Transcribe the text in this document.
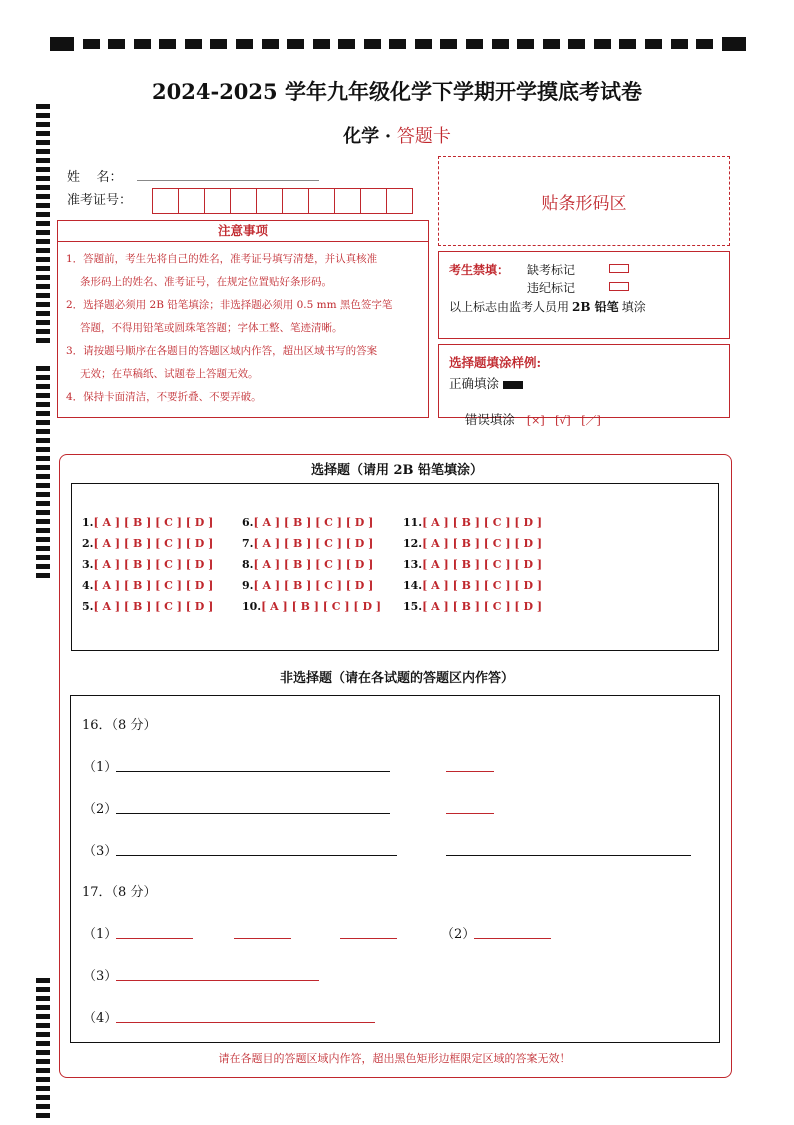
2024-2025 学年九年级化学下学期开学摸底考试卷
化学 · 答题卡
姓    名：
准考证号：	贴条形码区
注意事项
1．答题前，考生先将自己的姓名，准考证号填写清楚，并认真核准
条形码上的姓名、准考证号，在规定位置贴好条形码。
2．选择题必须用 2B 铅笔填涂；非选择题必须用 0.5 mm 黑色签字笔
答题，不得用铅笔或圆珠笔答题；字体工整、笔迹清晰。
3．请按题号顺序在各题目的答题区域内作答，超出区域书写的答案
无效；在草稿纸、试题卷上答题无效。
4．保持卡面清洁，不要折叠、不要弄破。
考生禁填： 缺考标记
违纪标记
以上标志由监考人员用 2B 铅笔 填涂
选择题填涂样例:
正确填涂

错误填涂 [×]   [√]   [／]

选择题（请用 2B 铅笔填涂）
1.[ A ] [ B ] [ C ] [ D ]
2.[ A ] [ B ] [ C ] [ D ]
3.[ A ] [ B ] [ C ] [ D ]
4.[ A ] [ B ] [ C ] [ D ]
5.[ A ] [ B ] [ C ] [ D ]
6.[ A ] [ B ] [ C ] [ D ]
7.[ A ] [ B ] [ C ] [ D ]
8.[ A ] [ B ] [ C ] [ D ]
9.[ A ] [ B ] [ C ] [ D ]
10.[ A ] [ B ] [ C ] [ D ]
11.[ A ] [ B ] [ C ] [ D ]
12.[ A ] [ B ] [ C ] [ D ]
13.[ A ] [ B ] [ C ] [ D ]
14.[ A ] [ B ] [ C ] [ D ]
15.[ A ] [ B ] [ C ] [ D ]
非选择题（请在各试题的答题区内作答）
16．（8 分）
（1）
（2）
（3）
17．（8 分）
（1）	（2）
（3）
（4）
请在各题目的答题区域内作答，超出黑色矩形边框限定区域的答案无效！
